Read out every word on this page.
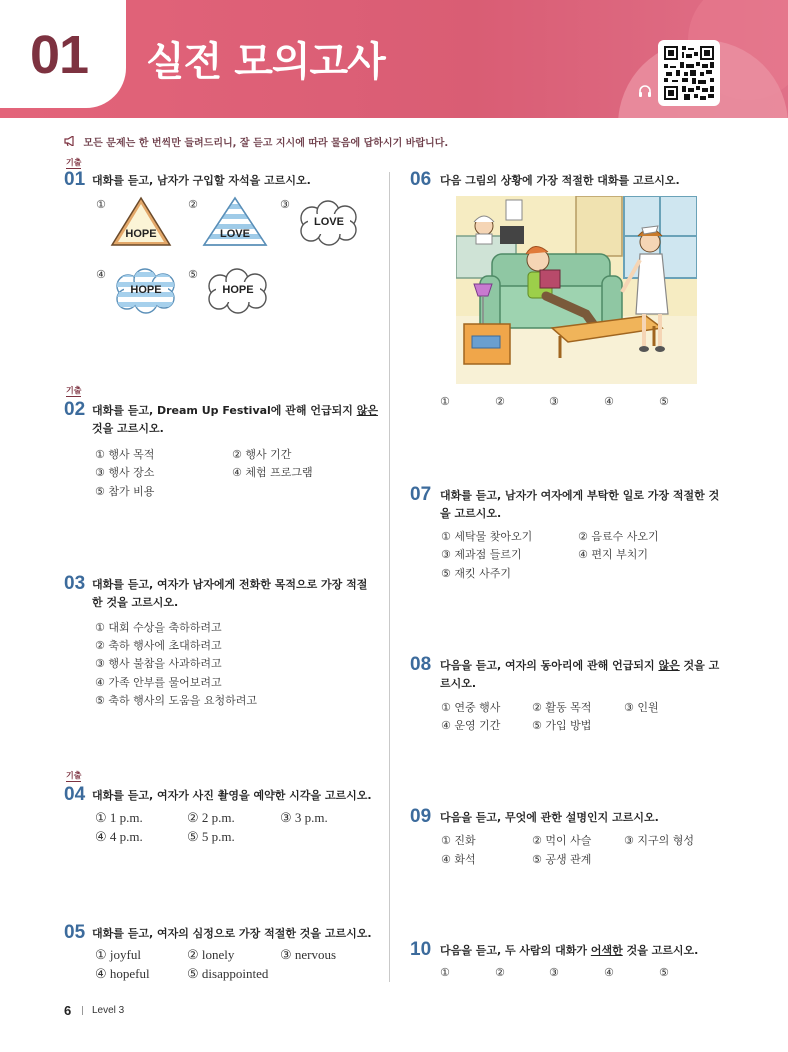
01 실전 모의고사
모든 문제는 한 번씩만 들려드리니, 잘 듣고 지시에 따라 물음에 답하시기 바랍니다.
기출
01 대화를 듣고, 남자가 구입할 자석을 고르시오.
①
HOPE
②
LOVE
③
LOVE
④
HOPE
⑤
HOPE
기출
02 대화를 듣고, Dream Up Festival에 관해 언급되지 않은
것을 고르시오.
① 행사 목적	② 행사 기간
③ 행사 장소	④ 체험 프로그램
⑤ 참가 비용
03 대화를 듣고, 여자가 남자에게 전화한 목적으로 가장 적절
한 것을 고르시오.
① 대회 수상을 축하하려고
② 축하 행사에 초대하려고
③ 행사 불참을 사과하려고
④ 가족 안부를 물어보려고
⑤ 축하 행사의 도움을 요청하려고
기출
04 대화를 듣고, 여자가 사진 촬영을 예약한 시각을 고르시오.
① 1 p.m.	② 2 p.m.	③ 3 p.m.
④ 4 p.m.	⑤ 5 p.m.
05 대화를 듣고, 여자의 심정으로 가장 적절한 것을 고르시오.
① joyful	② lonely	③ nervous
④ hopeful	⑤ disappointed
06 다음 그림의 상황에 가장 적절한 대화를 고르시오.
①	②	③	④	⑤
07 대화를 듣고, 남자가 여자에게 부탁한 일로 가장 적절한 것
을 고르시오.
① 세탁물 찾아오기	② 음료수 사오기
③ 제과점 들르기	④ 편지 부치기
⑤ 재킷 사주기
08 다음을 듣고, 여자의 동아리에 관해 언급되지 않은 것을 고
르시오.
① 연중 행사	② 활동 목적	③ 인원
④ 운영 기간	⑤ 가입 방법
09 다음을 듣고, 무엇에 관한 설명인지 고르시오.
① 진화	② 먹이 사슬	③ 지구의 형성
④ 화석	⑤ 공생 관계
10 다음을 듣고, 두 사람의 대화가 어색한 것을 고르시오.
①	②	③	④	⑤
6 Level 3
